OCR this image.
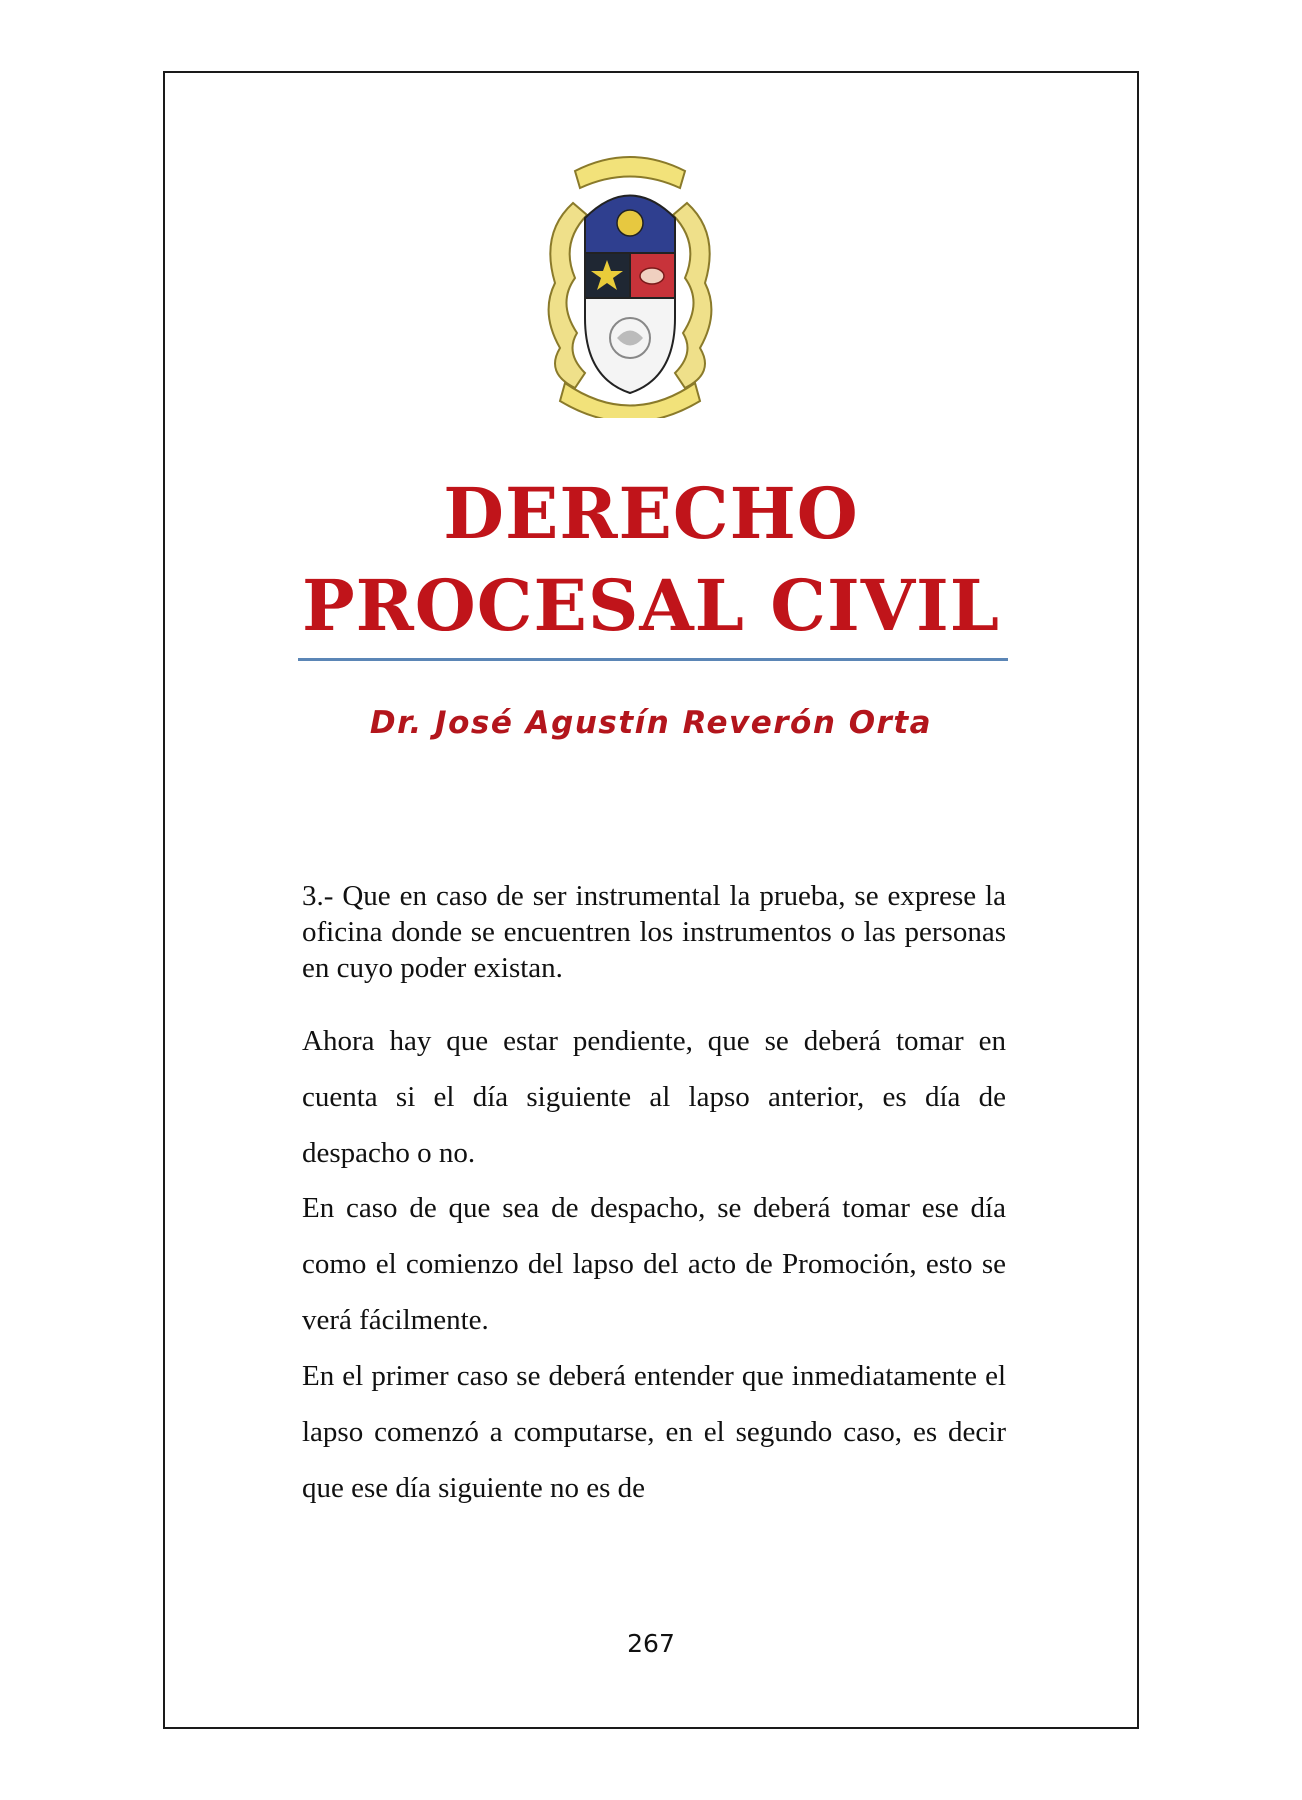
DERECHO
PROCESAL CIVIL
Dr. José Agustín Reverón Orta

3.- Que en caso de ser instrumental la prueba, se exprese la oficina donde se encuentren los instrumentos o las personas en cuyo poder existan.

Ahora hay que estar pendiente, que se deberá tomar en cuenta si el día siguiente al lapso anterior, es día de despacho o no.

En caso de que sea de despacho, se deberá tomar ese día como el comienzo del lapso del acto de Promoción, esto se verá fácilmente.

En el primer caso se deberá entender que inmediatamente el lapso comenzó a computarse, en el segundo caso, es decir que ese día siguiente no es de

267
